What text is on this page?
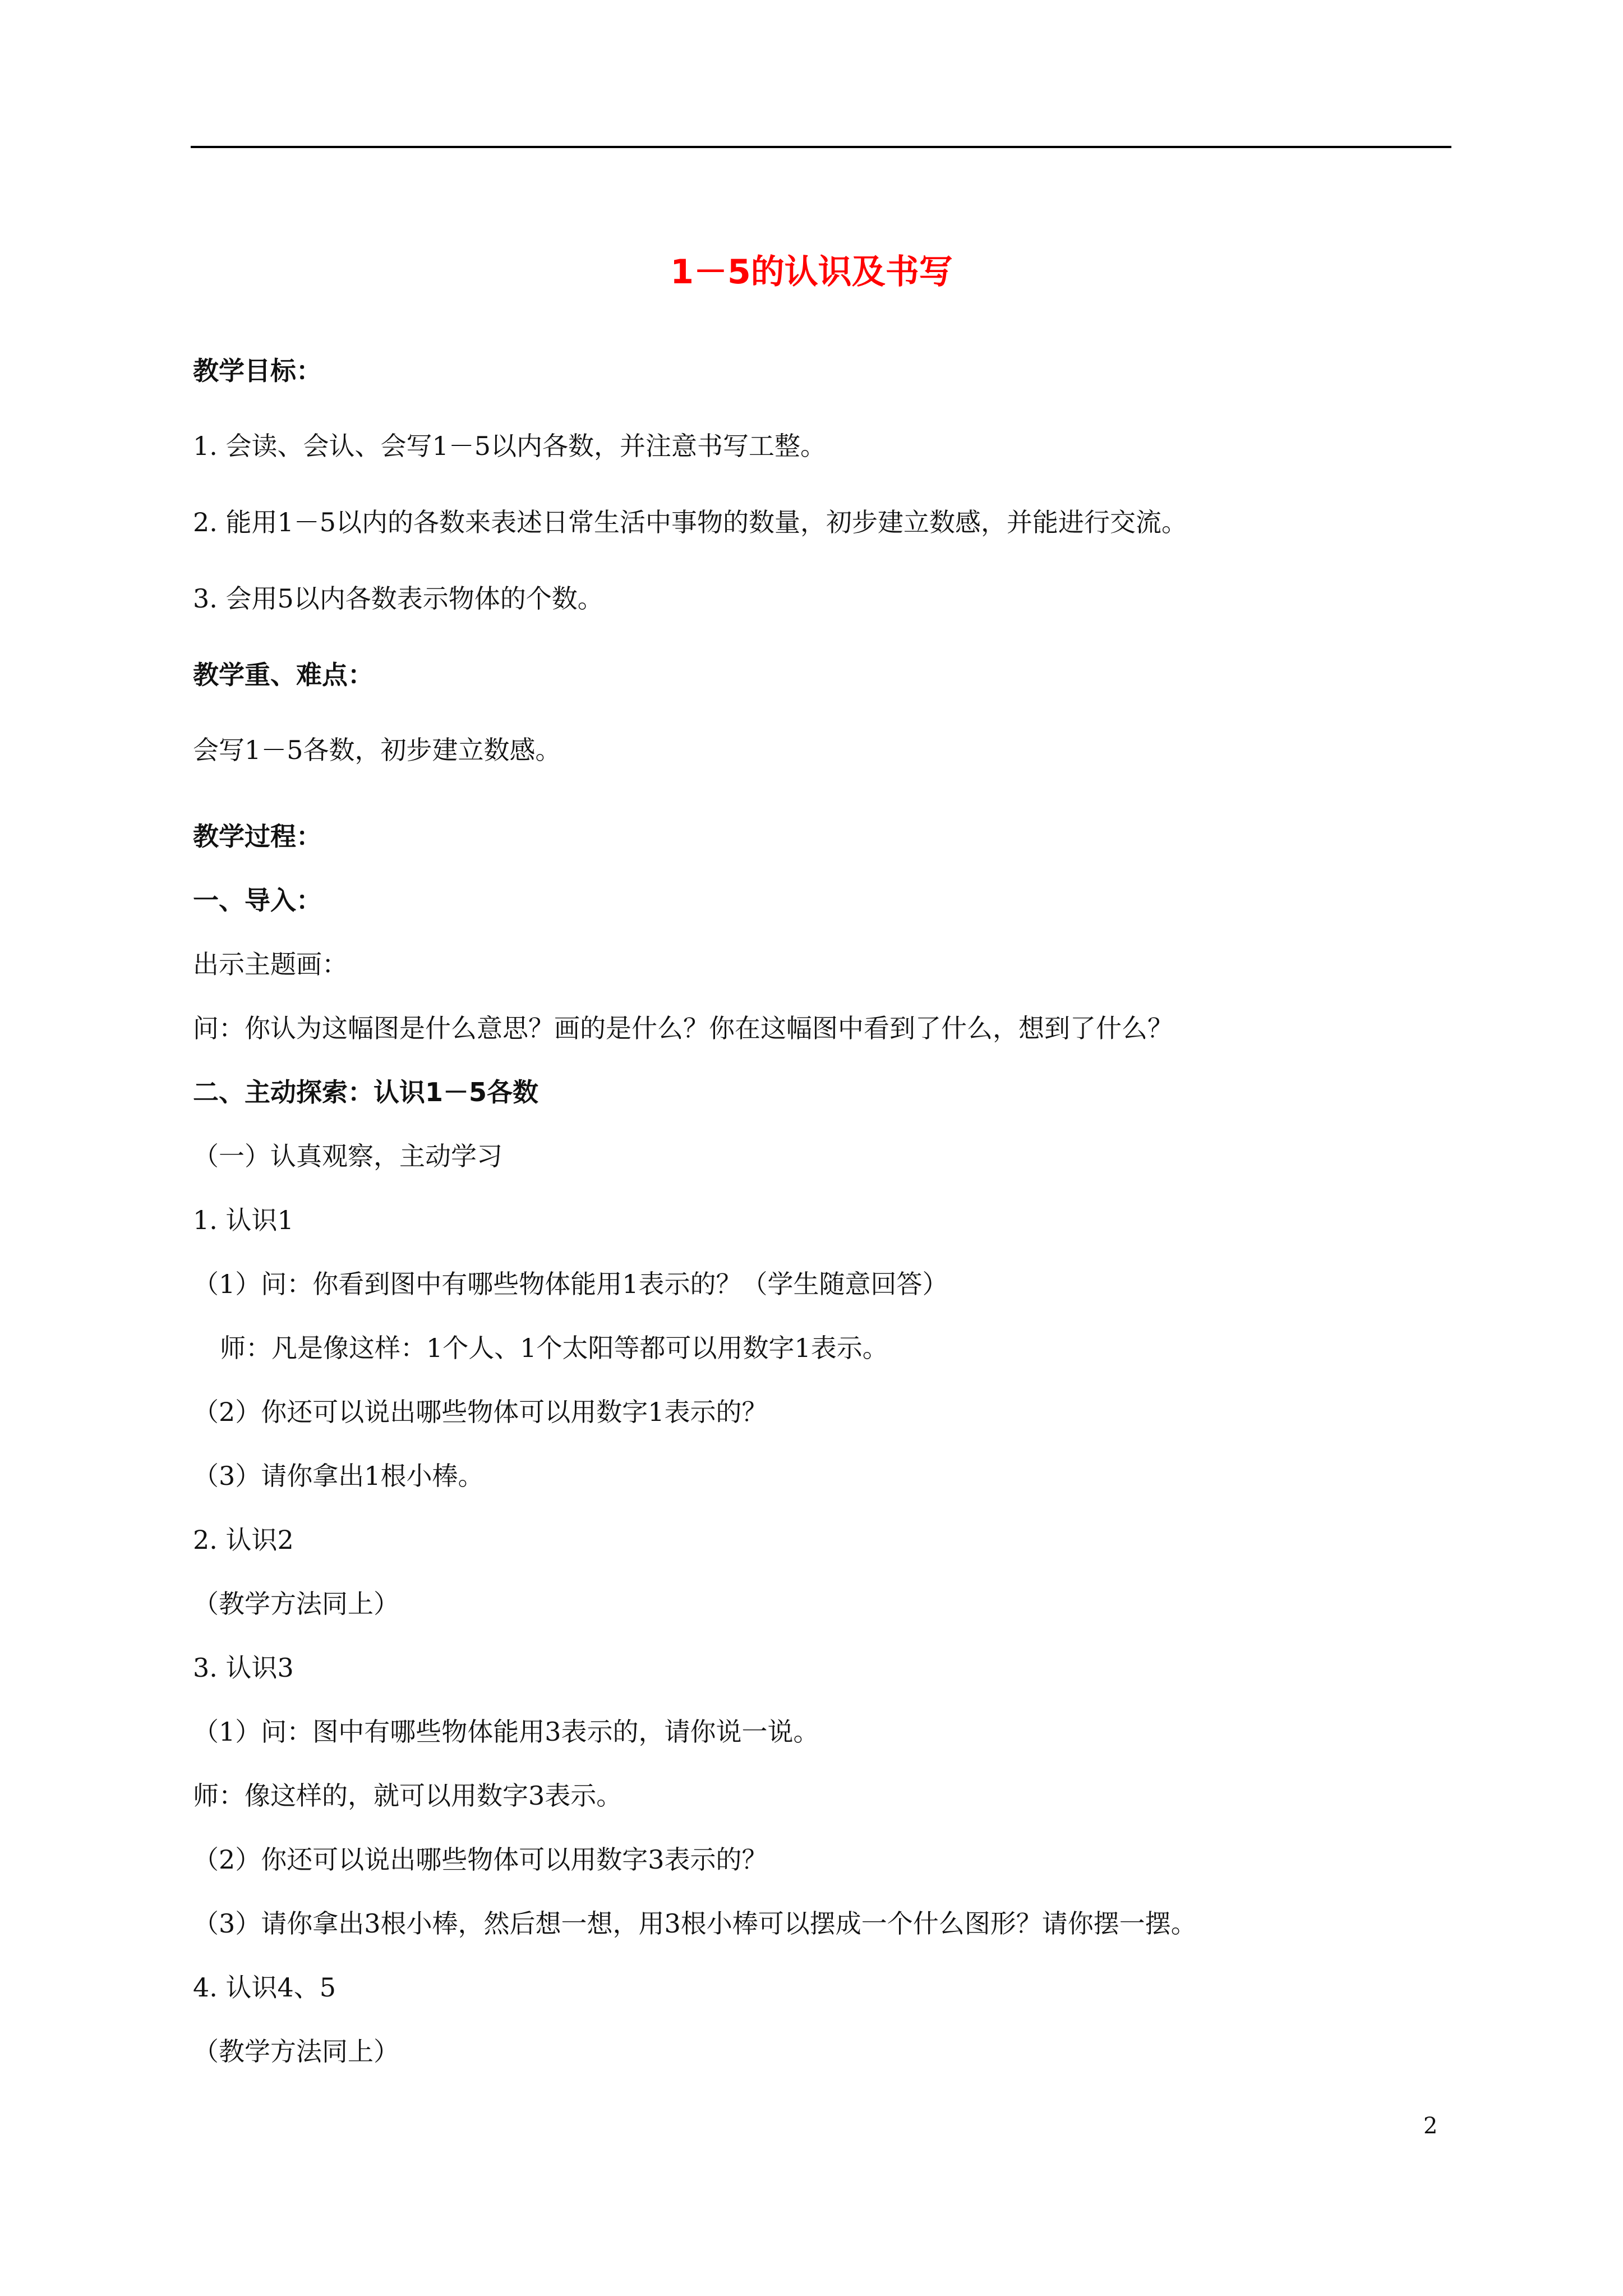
1－5的认识及书写

教学目标：

1. 会读、会认、会写1－5以内各数，并注意书写工整。

2. 能用1－5以内的各数来表述日常生活中事物的数量，初步建立数感，并能进行交流。

3. 会用5以内各数表示物体的个数。

教学重、难点：

会写1－5各数，初步建立数感。

教学过程：

一、导入：

出示主题画：

问：你认为这幅图是什么意思？画的是什么？你在这幅图中看到了什么，想到了什么？

二、主动探索：认识1－5各数

（一）认真观察，主动学习

1. 认识1

（1）问：你看到图中有哪些物体能用1表示的？（学生随意回答）

师：凡是像这样：1个人、1个太阳等都可以用数字1表示。

（2）你还可以说出哪些物体可以用数字1表示的？

（3）请你拿出1根小棒。

2. 认识2

（教学方法同上）

3. 认识3

（1）问：图中有哪些物体能用3表示的，请你说一说。

师：像这样的，就可以用数字3表示。

（2）你还可以说出哪些物体可以用数字3表示的？

（3）请你拿出3根小棒，然后想一想，用3根小棒可以摆成一个什么图形？请你摆一摆。

4. 认识4、5

（教学方法同上）

2
